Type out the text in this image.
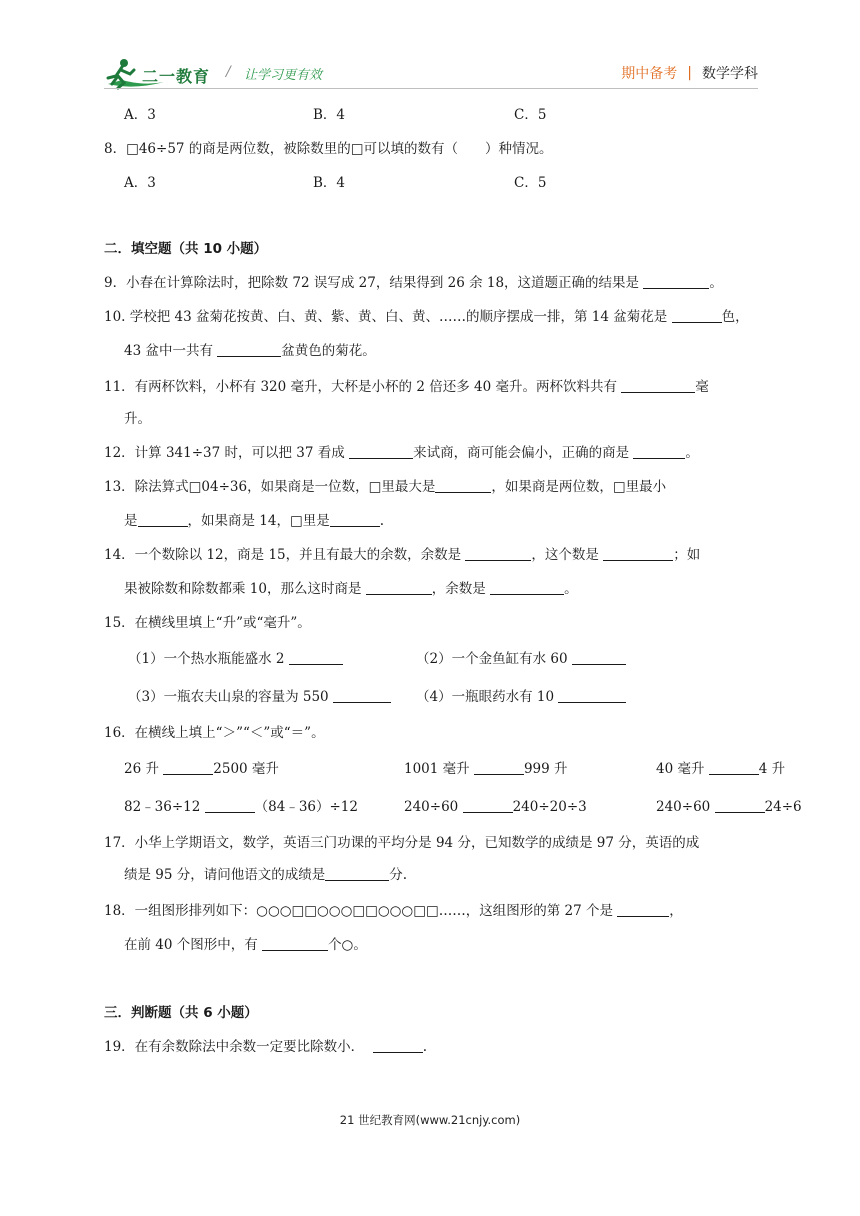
二一教育 / 让学习更有效	期中备考 | 数学学科
A．3	B．4	C．5
8．□46÷57 的商是两位数，被除数里的□可以填的数有（　　）种情况。
A．3	B．4	C．5
二．填空题（共 10 小题）
9．小春在计算除法时，把除数 72 误写成 27，结果得到 26 余 18，这道题正确的结果是	。
10. 学校把 43 盆菊花按黄、白、黄、紫、黄、白、黄、……的顺序摆成一排，第 14 盆菊花是	色，
43 盆中一共有	盆黄色的菊花。
11．有两杯饮料，小杯有 320 毫升，大杯是小杯的 2 倍还多 40 毫升。两杯饮料共有	毫
升。
12．计算 341÷37 时，可以把 37 看成	来试商，商可能会偏小，正确的商是	。
13．除法算式□04÷36，如果商是一位数，□里最大是	，如果商是两位数，□里最小
是	，如果商是 14，□里是	.
14．一个数除以 12，商是 15，并且有最大的余数，余数是	，这个数是	；如
果被除数和除数都乘 10，那么这时商是	，余数是	。
15．在横线里填上“升”或“毫升”。
（1）一个热水瓶能盛水 2	（2）一个金鱼缸有水 60
（3）一瓶农夫山泉的容量为 550	（4）一瓶眼药水有 10
16．在横线上填上“＞”“＜”或“＝”。
26 升	2500 毫升	1001 毫升	999 升	40 毫升	4 升
82﹣36÷12	（84﹣36）÷12	240÷60	240÷20÷3	240÷60	24÷6
17．小华上学期语文，数学，英语三门功课的平均分是 94 分，已知数学的成绩是 97 分，英语的成
绩是 95 分，请问他语文的成绩是	分.
18．一组图形排列如下：○○○□□○○○□□○○○□□……，这组图形的第 27 个是	，
在前 40 个图形中，有	个○。
三．判断题（共 6 小题）
19．在有余数除法中余数一定要比除数小．	.
21 世纪教育网(www.21cnjy.com)
